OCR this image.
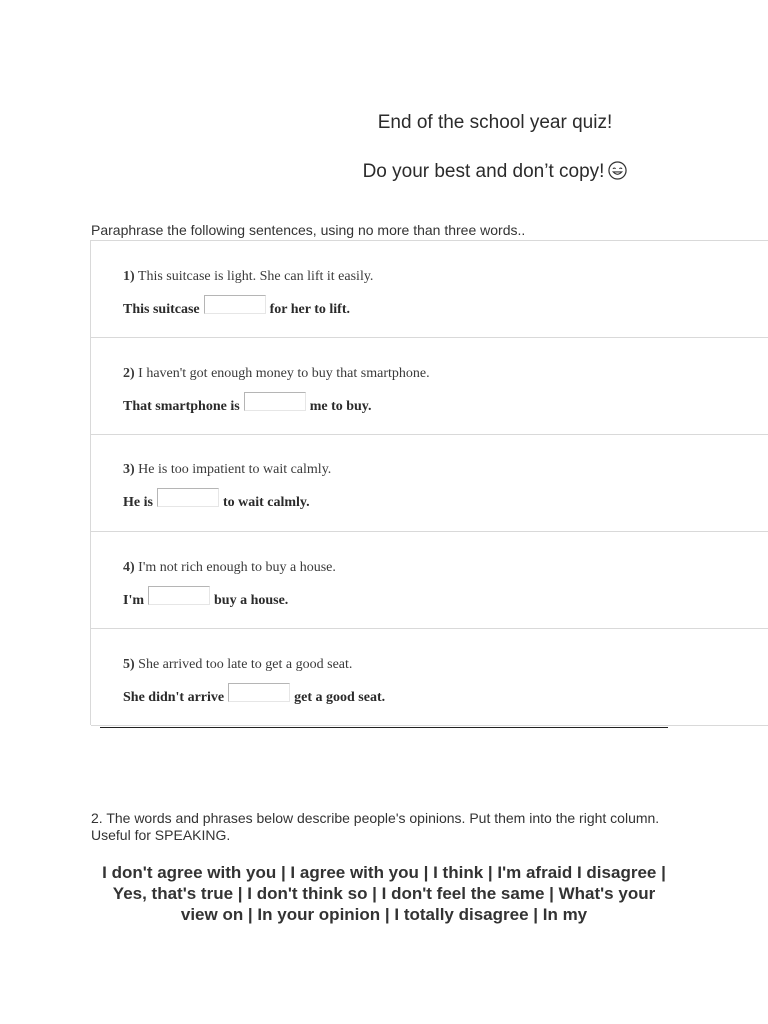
End of the school year quiz!
Do your best and don’t copy!
Paraphrase the following sentences, using no more than three words..
1) This suitcase is light. She can lift it easily.
This suitcase	for her to lift.
2) I haven't got enough money to buy that smartphone.
That smartphone is	me to buy.
3) He is too impatient to wait calmly.
He is	to wait calmly.
4) I'm not rich enough to buy a house.
I'm	buy a house.
5) She arrived too late to get a good seat.
She didn't arrive	get a good seat.
2. The words and phrases below describe people's opinions. Put them into the right column. Useful for SPEAKING.
I don't agree with you | I agree with you | I think | I'm afraid I disagree | Yes, that's true | I don't think so | I don't feel the same | What's your view on | In your opinion | I totally disagree | In my
